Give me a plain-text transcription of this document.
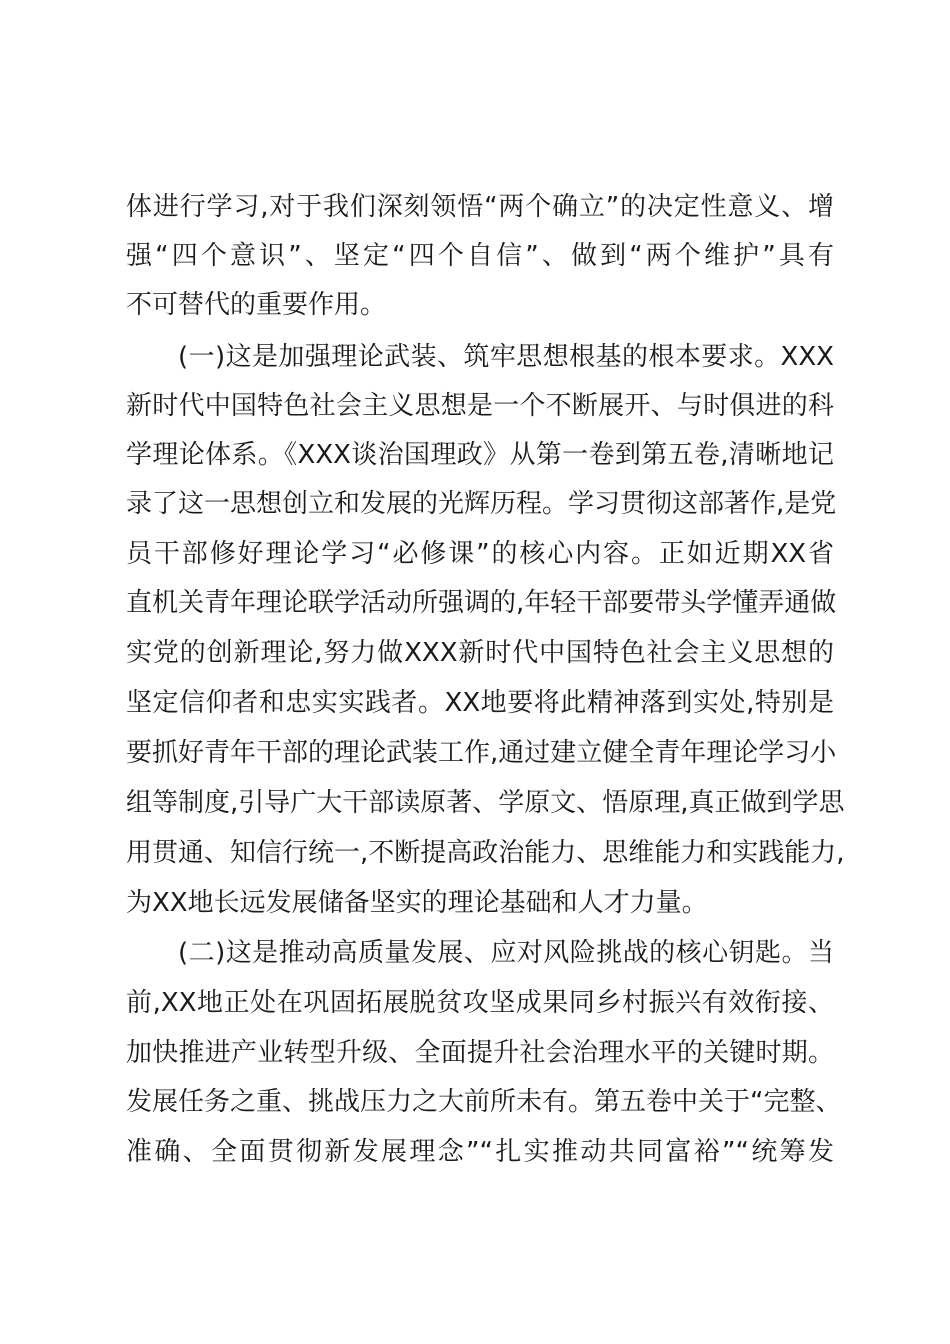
体进行学习,对于我们深刻领悟“两个确立”的决定性意义、增

强“四个意识”、坚定“四个自信”、做到“两个维护”具有

不可替代的重要作用。

(一)这是加强理论武装、筑牢思想根基的根本要求。XXX

新时代中国特色社会主义思想是一个不断展开、与时俱进的科

学理论体系。《XXX谈治国理政》从第一卷到第五卷,清晰地记

录了这一思想创立和发展的光辉历程。学习贯彻这部著作,是党

员干部修好理论学习“必修课”的核心内容。正如近期XX省

直机关青年理论联学活动所强调的,年轻干部要带头学懂弄通做

实党的创新理论,努力做XXX新时代中国特色社会主义思想的

坚定信仰者和忠实实践者。XX地要将此精神落到实处,特别是

要抓好青年干部的理论武装工作,通过建立健全青年理论学习小

组等制度,引导广大干部读原著、学原文、悟原理,真正做到学思

用贯通、知信行统一,不断提高政治能力、思维能力和实践能力,

为XX地长远发展储备坚实的理论基础和人才力量。

(二)这是推动高质量发展、应对风险挑战的核心钥匙。当

前,XX地正处在巩固拓展脱贫攻坚成果同乡村振兴有效衔接、

加快推进产业转型升级、全面提升社会治理水平的关键时期。

发展任务之重、挑战压力之大前所未有。第五卷中关于“完整、

准确、全面贯彻新发展理念”“扎实推动共同富裕”“统筹发
